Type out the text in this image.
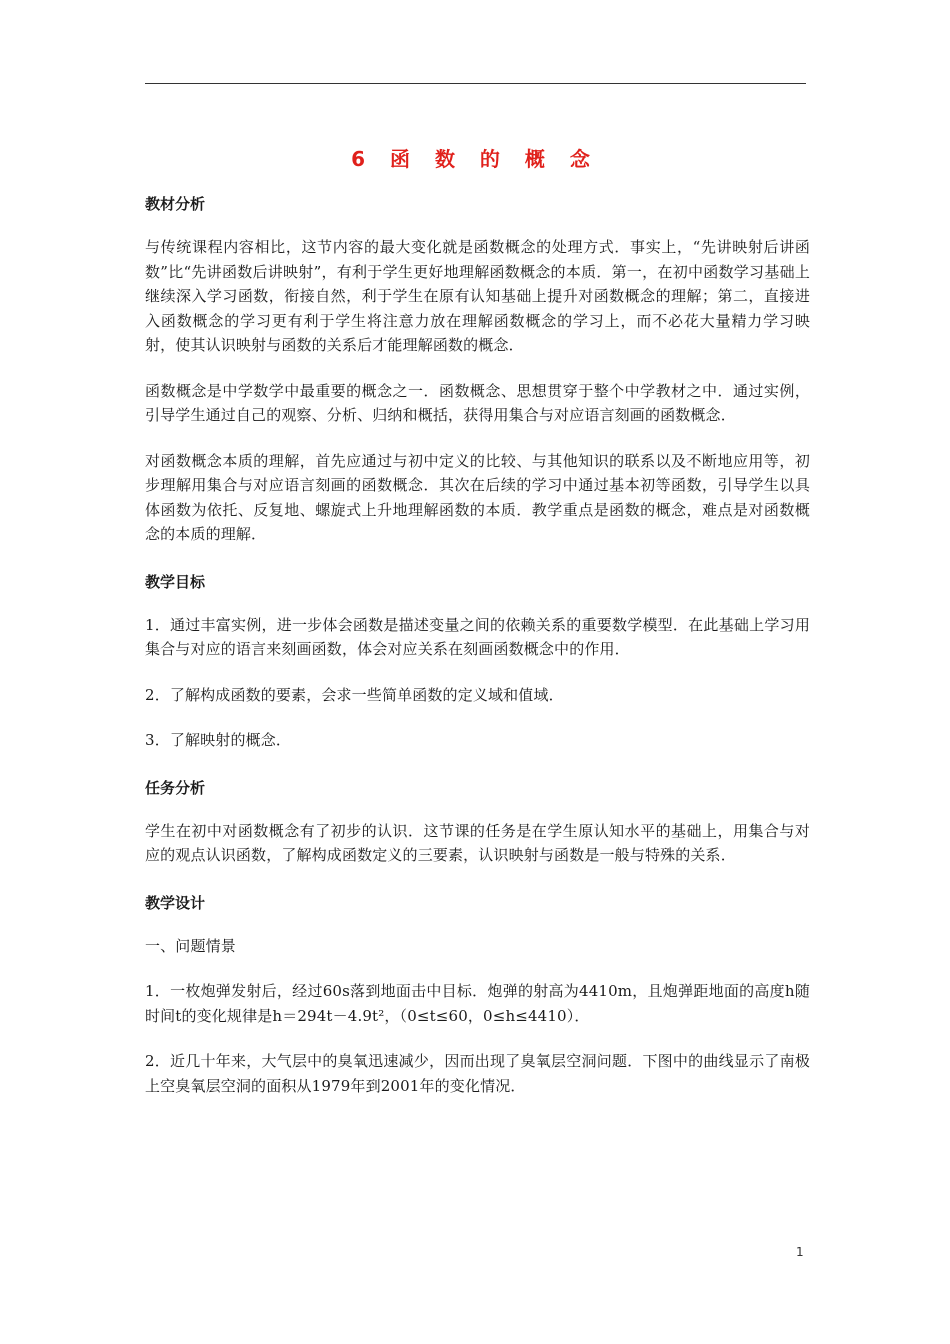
6 函 数 的 概 念
教材分析

与传统课程内容相比，这节内容的最大变化就是函数概念的处理方式．事实上，“先讲映射后讲函数”比“先讲函数后讲映射”，有利于学生更好地理解函数概念的本质．第一，在初中函数学习基础上继续深入学习函数，衔接自然，利于学生在原有认知基础上提升对函数概念的理解；第二，直接进入函数概念的学习更有利于学生将注意力放在理解函数概念的学习上，而不必花大量精力学习映射，使其认识映射与函数的关系后才能理解函数的概念．

函数概念是中学数学中最重要的概念之一．函数概念、思想贯穿于整个中学教材之中．通过实例，引导学生通过自己的观察、分析、归纳和概括，获得用集合与对应语言刻画的函数概念．

对函数概念本质的理解，首先应通过与初中定义的比较、与其他知识的联系以及不断地应用等，初步理解用集合与对应语言刻画的函数概念．其次在后续的学习中通过基本初等函数，引导学生以具体函数为依托、反复地、螺旋式上升地理解函数的本质．教学重点是函数的概念，难点是对函数概念的本质的理解．

教学目标

1．通过丰富实例，进一步体会函数是描述变量之间的依赖关系的重要数学模型．在此基础上学习用集合与对应的语言来刻画函数，体会对应关系在刻画函数概念中的作用．

2．了解构成函数的要素，会求一些简单函数的定义域和值域．

3．了解映射的概念．

任务分析

学生在初中对函数概念有了初步的认识．这节课的任务是在学生原认知水平的基础上，用集合与对应的观点认识函数，了解构成函数定义的三要素，认识映射与函数是一般与特殊的关系．

教学设计

一、问题情景

1．一枚炮弹发射后，经过60s落到地面击中目标．炮弹的射高为4410m，且炮弹距地面的高度h随时间t的变化规律是h＝294t－4.9t²，（0≤t≤60，0≤h≤4410）．

2．近几十年来，大气层中的臭氧迅速减少，因而出现了臭氧层空洞问题．下图中的曲线显示了南极上空臭氧层空洞的面积从1979年到2001年的变化情况．

1
